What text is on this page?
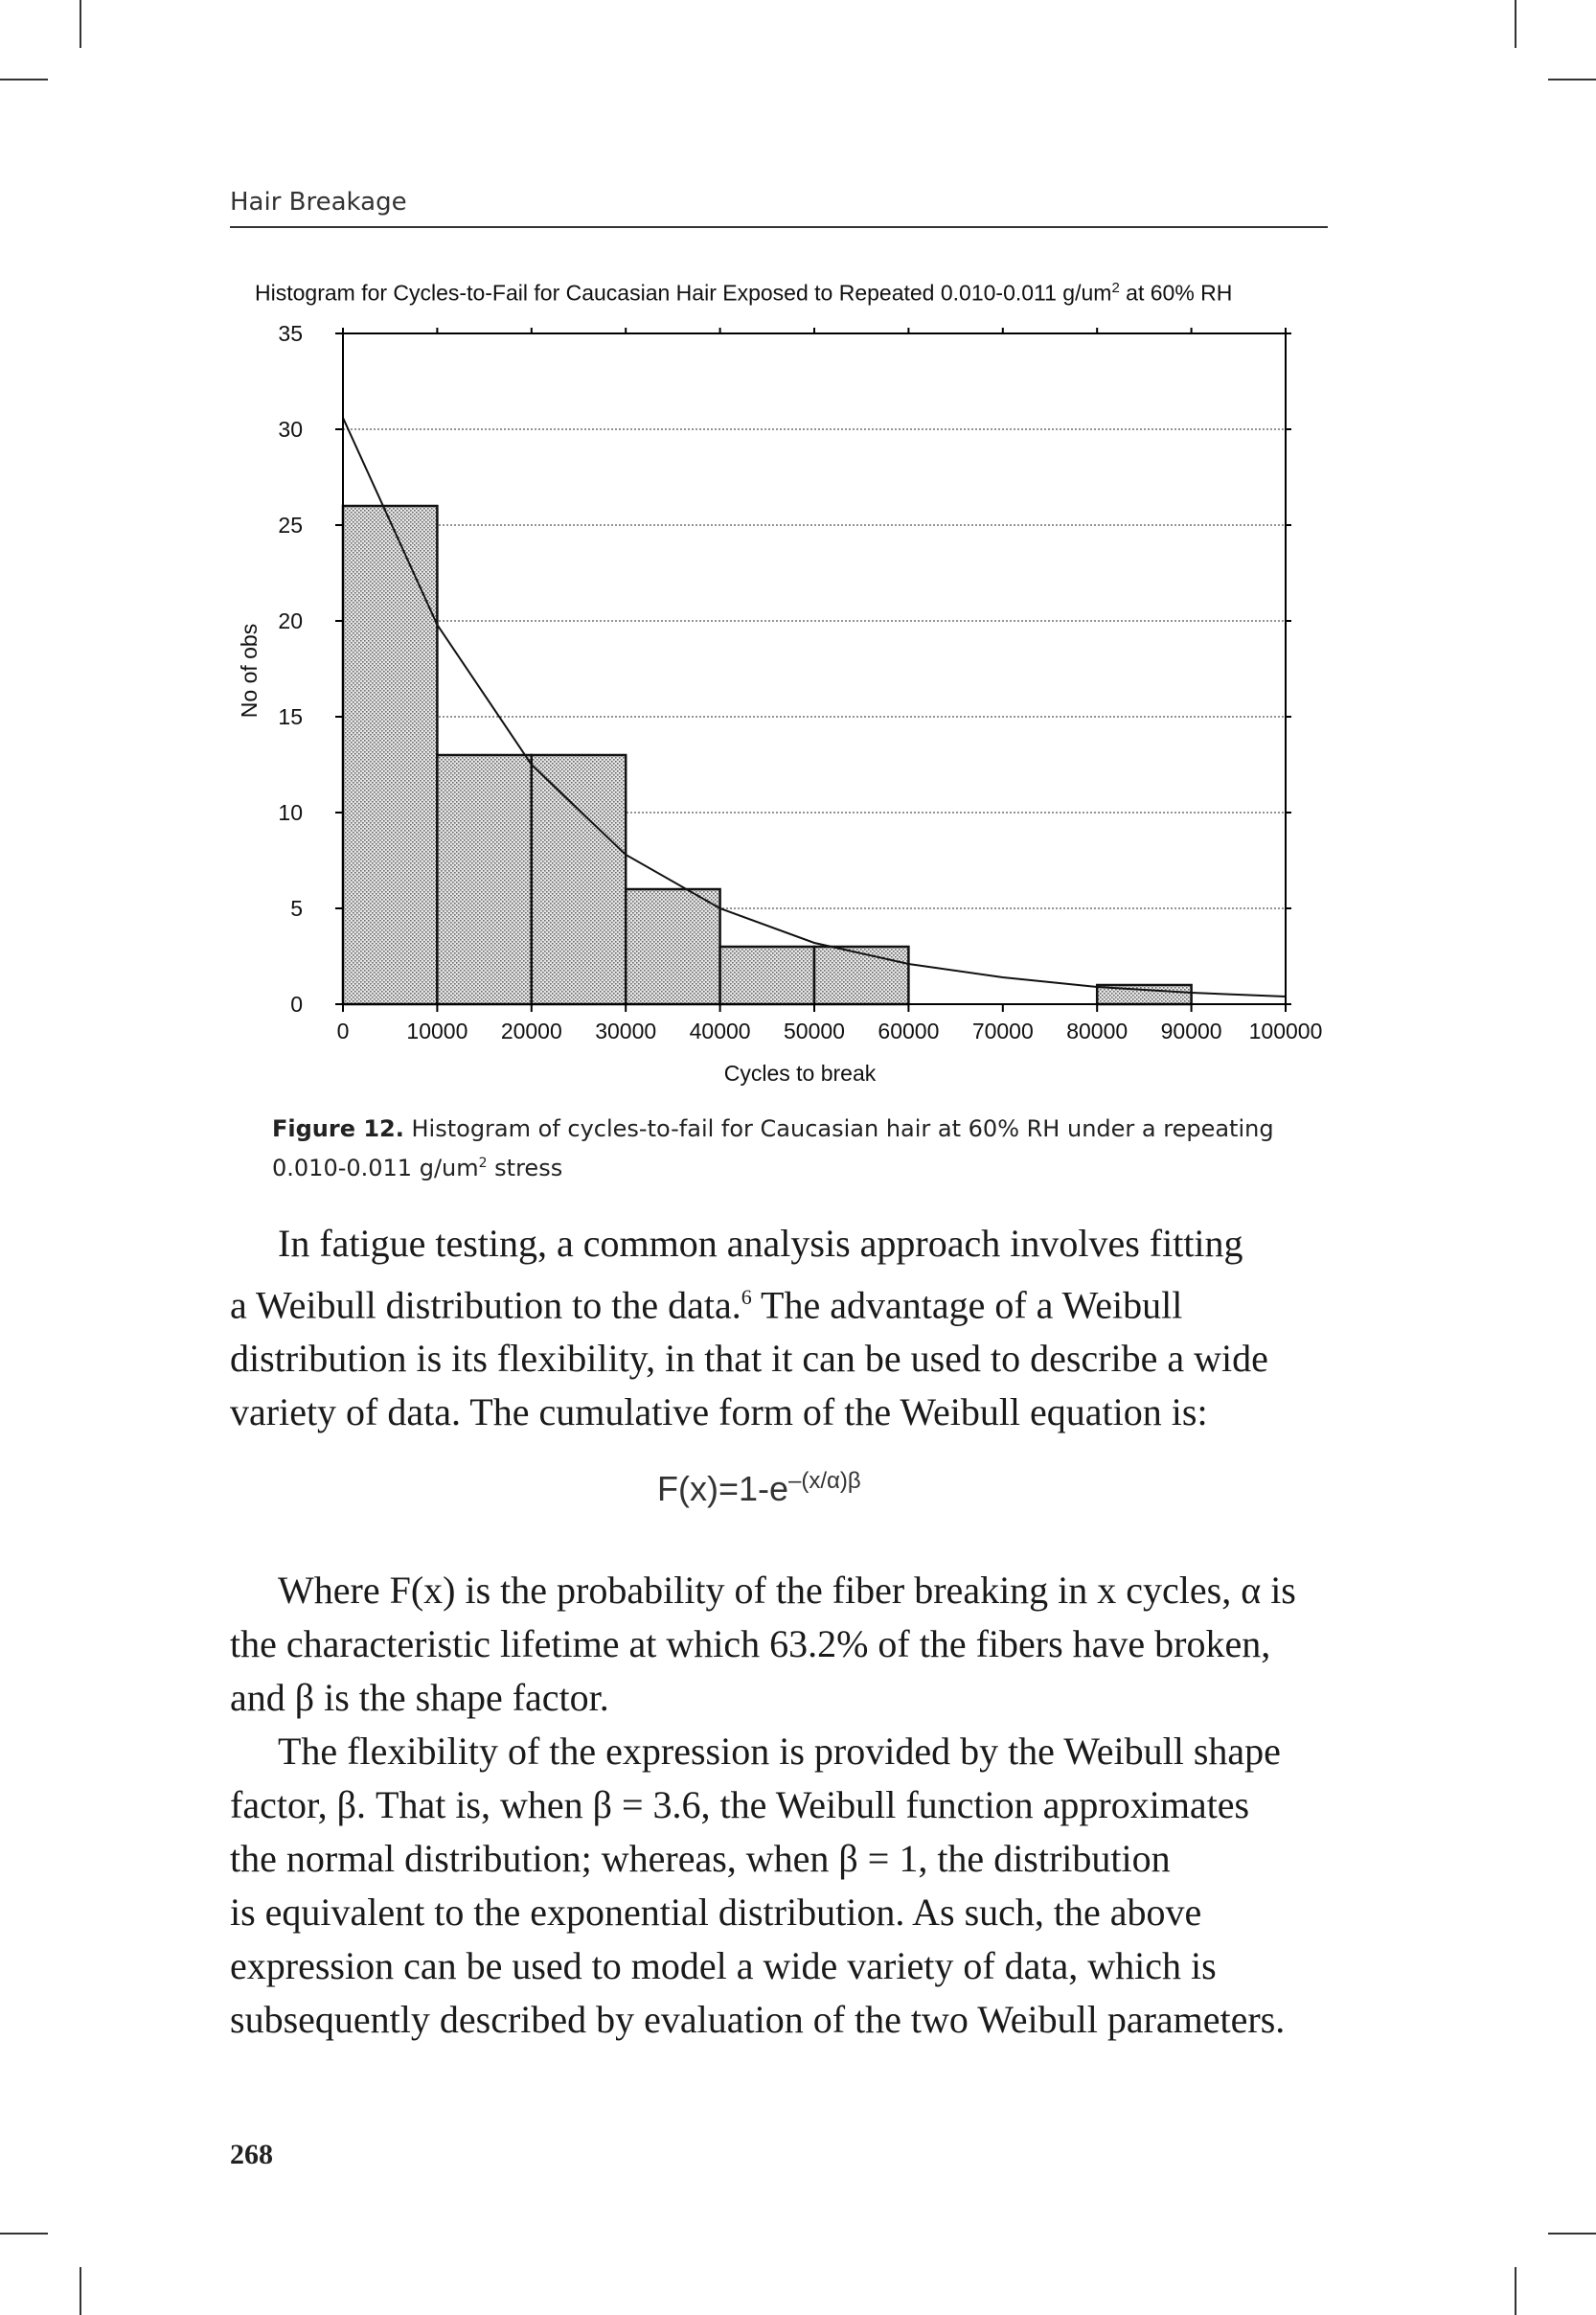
Hair Breakage
Histogram for Cycles-to-Fail for Caucasian Hair Exposed to Repeated 0.010-0.011 $g/um^2$ at 60% RH
0
5
10
15
20
25
30
35
0	10000 20000 30000 40000 50000 60000 70000 80000 90000 100000
Cycles to break
No of obs
Figure 12. Histogram of cycles-to-fail for Caucasian hair at 60% RH under a repeating
0.010-0.011 $g/um^2$ stress
In fatigue testing, a common analysis approach involves fitting
a Weibull distribution to the data.$^6$ The advantage of a Weibull
distribution is its flexibility, in that it can be used to describe a wide
variety of data. The cumulative form of the Weibull equation is:
$F(x)=1-e^{-(x/\alpha)\beta}$
Where F(x) is the probability of the fiber breaking in x cycles, α is
the characteristic lifetime at which 63.2% of the fibers have broken,
and β is the shape factor.
The flexibility of the expression is provided by the Weibull shape
factor, β. That is, when β = 3.6, the Weibull function approximates
the normal distribution; whereas, when β = 1, the distribution
is equivalent to the exponential distribution. As such, the above
expression can be used to model a wide variety of data, which is
subsequently described by evaluation of the two Weibull parameters.
268
